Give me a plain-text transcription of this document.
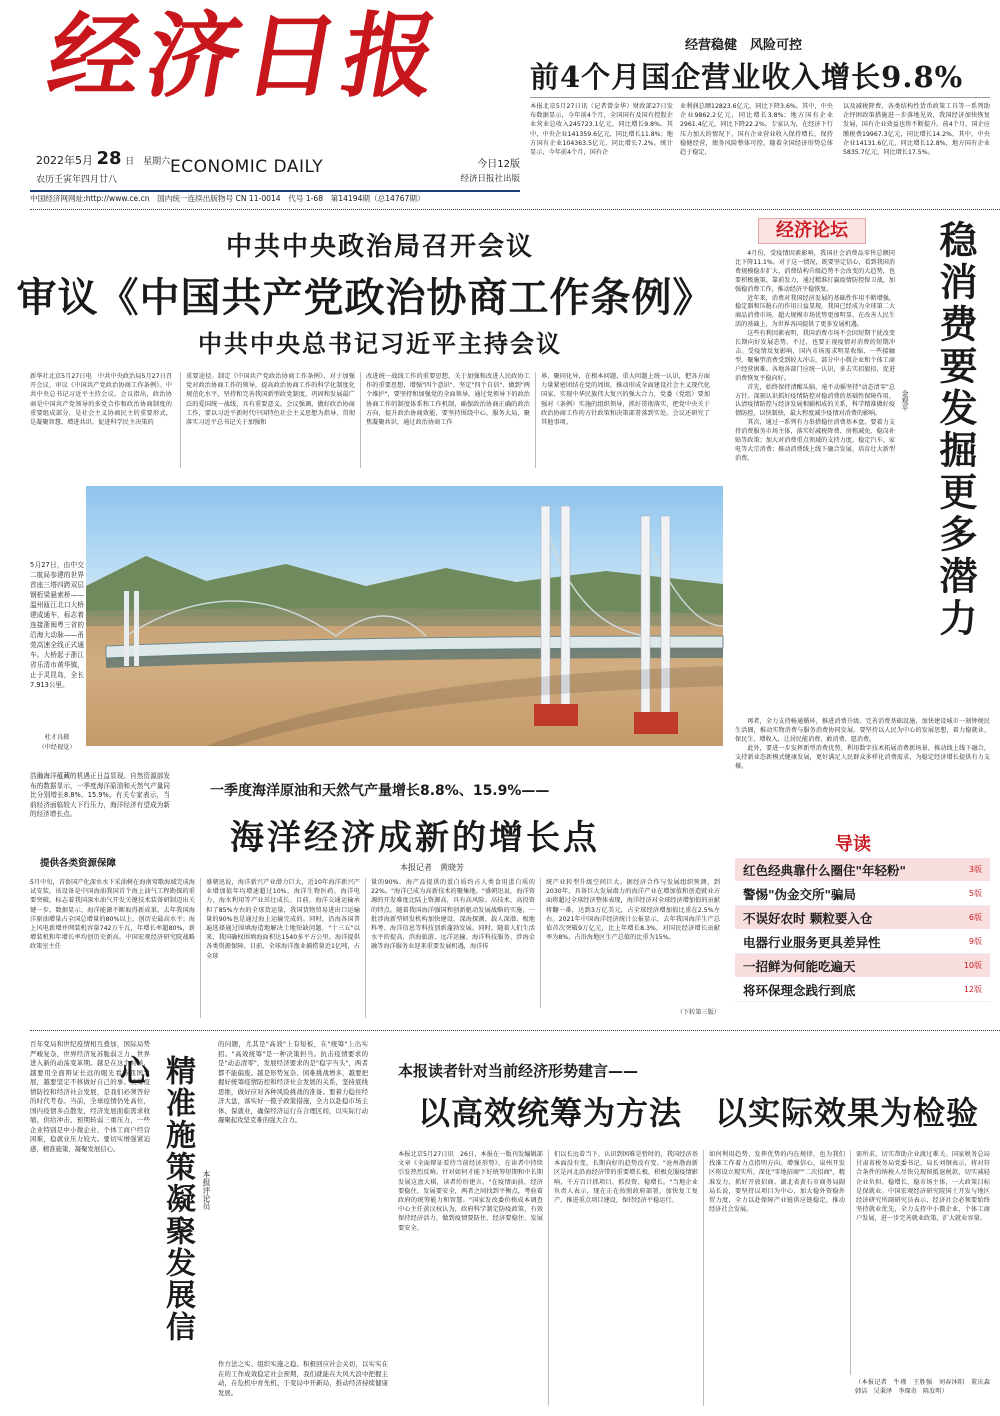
经济日报
2022年5月 28 日　星期六
农历壬寅年四月廿八
ECONOMIC DAILY	今日12版
经济日报社出版
中国经济网网址:http://www.ce.cn　国内统一连续出版物号 CN 11-0014　代号 1-68　第14194期（总14767期）
经营稳健　风险可控
前4个月国企营业收入增长9.8%
本报北京5月27日讯（记者曾金华）财政部27日发布数据显示，今年前4个月，全国国有及国有控股企业营业总收入245723.1亿元，同比增长9.8%。其中，中央企业141359.6亿元，同比增长11.8%；地方国有企业104363.5亿元，同比增长7.2%。统计显示，今年前4个月，国有企
业利润总额12823.6亿元，同比下降3.6%。其中，中央企业9862.2亿元，同比增长3.8%；地方国有企业2961.4亿元，同比下降22.2%。专家认为，在经济下行压力加大的情况下，国有企业营业收入保持增长，保持稳健经营，债务风险整体可控。随着全国经济形势总体趋于稳定，
以及减税降费、各类结构性货币政策工具等一系列助企纾困政策措施进一步落地见效，我国经济加快恢复发展，国有企业效益也将不断提升。前4个月，国企应缴税费19967.3亿元，同比增长14.2%，其中，中央企业14131.6亿元，同比增长12.8%，地方国有企业5835.7亿元，同比增长17.5%。
中共中央政治局召开会议
审议《中国共产党政治协商工作条例》
中共中央总书记习近平主持会议
新华社北京5月27日电　中共中央政治局5月27日召开会议，审议《中国共产党政治协商工作条例》。中共中央总书记习近平主持会议。会议指出，政治协商是中国共产党领导的多党合作和政治协商制度的重要组成部分，是社会主义协商民主的重要形式，是凝聚智慧、增进共识、促进科学民主决策的
重要途径。制定《中国共产党政治协商工作条例》，对于加强党对政治协商工作的领导，提高政治协商工作的科学化制度化规范化水平，坚持和完善我国新型政党制度，巩固和发展最广泛的爱国统一战线，具有重要意义。会议强调，做好政治协商工作，要以习近平新时代中国特色社会主义思想为指导，贯彻落实习近平总书记关于加强和
改进统一战线工作的重要思想，关于加强和改进人民政协工作的重要思想，增强"四个意识"、坚定"四个自信"、做到"两个维护"，要坚持和加强党的全面领导，通过党领导下的政治协商工作的制度体系和工作机制，确保政治协商正确的政治方向，提升政治协商效能，要坚持围绕中心、服务大局，聚焦凝聚共识，通过政治协商工作
界、聚同化异，在根本问题、重大问题上统一认识，把各方面力量紧密团结在党的周围，推动形成全面建设社会主义现代化国家、实现中华民族伟大复兴的强大合力，党委（党组）要加强对（条例）实施的组织领导，抓好贯彻落实，把党中央关于政治协商工作的方针政策和决策部署落到实处。会议还研究了其他事项。
5月27日，由中交二航局参建的世界首座三塔四跨双层钢桁梁悬索桥——温州瓯江北口大桥建成通车，标志着连接浙闽粤三省的沿海大动脉——甬莞高速全线正式通车。大桥起于浙江省乐清市黄华镇，止于灵昆岛，全长7.913公里。
杜才良摄
（中经视觉）
经济论坛	稳消费要发掘更多潜力
金观平

4月份，受疫情因素影响，我国社会消费品零售总额同比下降11.1%。对于这一情况，既要坚定信心，看到我国消费规模稳步扩大、消费结构升级趋势不会改变的大趋势，也要积极施策、靠前发力，通过精准打赢疫情防控保卫战，加强稳消费工作，推动经济平稳恢复。

近年来，消费对我国经济发展的基础性作用不断增强，稳定器和压舱石的作用日益显现。我国已经成为全球第二大商品消费市场，超大规模市场优势更加明显。在改善人民生活的基础上，为世界各国提供了更多发展机遇。

这些有利因素表明，我国消费市场不会因短期干扰改变长期向好发展态势。不过，也要正视疫情对消费的短期冲击。受疫情反复影响，国内市场需求明显收缩，一些接触型、聚集型消费受到较大冲击，部分中小微企业和个体工商户经营困难。各地各部门应统一认识，多去实招狠招，促进消费恢复平稳向好。

首先，始终保持清醒头脑，毫不动摇坚持"动态清零"总方针。深刻认识抓好疫情防控对稳消费的基础性保障作用，认清疫情防控与经济发展相辅相成的关系，科学精准做好疫情防控，以快制快，最大程度减少疫情对消费的影响。

其次，通过一系列有力举措稳住消费基本盘。要着力支持消费服务市场主体，落实好减税降费、房租减免、稳岗补贴等政策；加大对消费重点领域的支持力度，稳定汽车、家电等大宗消费；推动消费线上线下融合发展，培育壮大新型消费。

再者，全力支持畅通循环，推进消费升级。完善消费基础设施，加快建设城市一刻钟便民生活圈，推动实物消费与服务消费协同发展。要坚持以人民为中心的发展思想，着力稳就业、保民生、增收入，让居民能消费、敢消费、愿消费。

此外，要进一步发挥新型消费优势，利用数字技术拓展消费新场景，推动线上线下融合，支持新业态新模式健康发展，更好满足人民群众多样化消费需求，为稳定经济增长提供有力支撑。

导读
红色经典靠什么圈住"年轻粉"	3版
警惕"伪金交所"骗局	5版
不误好农时 颗粒要入仓	6版
电器行业服务更具差异性	9版
一招鲜为何能吃遍天	10版
将环保理念践行到底	12版
浩瀚海洋蕴藏的机遇正日益显现。自然资源部发布的数据显示，一季度海洋原油和天然气产量同比分别增长8.8%、15.9%。有关专家表示，当前经济面临较大下行压力，海洋经济有望成为新的经济增长点。
一季度海洋原油和天然气产量增长8.8%、15.9%——
海洋经济成新的增长点
本报记者　黄晓芳
提供各类资源保障
5月中旬，首套国产化深水水下采油树在海南莺歌海域完成海试安装，该设备是中国海油我国首个海上油气工程勘探的重要突破，标志着我国深水油气开发关键技术装备研制迈出关键一步。数据显示，海洋能源不断取得新成果。去年我国海洋原油增量占全国总增量的80%以上，创历史最高水平；海上风电新增并网装机容量742万千瓦，年增长率超80%，新增装机和年增长率均创历史新高。中国宏观经济研究院战略政策室主任
盛朝迅说，海洋新兴产业潜力巨大，近10年海洋新兴产业增加值年均增速超过10%，海洋生物医药、海洋电力、海水利用等产业茁壮成长。目前，海洋交通运输承担了85%左右的全球货运量，我国货物贸易进出口运输量的90%也是通过海上运输完成的。同时，沿海各国普遍选择通过围填海造地解决土地短缺问题，"十三五"以来，我国确权围填海面积达1540多平方公里。海洋提供各类资源保障。目前，全球海洋渔业捕捞量近1亿吨，占全球
量的90%，海产品提供的蛋白质约占人类食用蛋白质的22%。"海洋已成为高新技术的聚集地。"盛朝迅说，海洋资源的开发难度比陆上资源高，具有高风险、高技术、高投资的特点。随着我国海洋强国和创新驱动发展战略的实施，一批涉海新型研发机构加快建设，深海探测、载人深潜、极地科考、海洋信息等科技创新蓬勃发展。同时，随着人们生活水平的提高，滨海旅游、远洋运输、海洋科技服务、涉海金融等海洋服务业迎来重要发展机遇，海洋传
统产业转型升级空间巨大。据经济合作与发展组织预测，到2030年，具备巨大发展潜力的海洋产业在增加值和创造就业方面将超过全球经济整体表现，海洋经济对全球经济增加值的贡献将翻一番，达到3万亿美元，占全球经济增加值比重在2.5%左右。2021年中国海洋经济统计公报显示，去年我国海洋生产总值首次突破9万亿元，比上年增长8.3%，对国民经济增长贡献率为8%，占沿海地区生产总值的比重为15%。
（下转第三版）
百年变局和世纪疫情相互叠加，国际局势严峻复杂，世界经济复苏脆弱乏力，世界进入新的动荡变革期。越是在这个时候，越要用全面辩证长远的眼光看待我国发展，越要坚定不移做好自己的事。统筹疫情防控和经济社会发展，是我们必须答好的时代考卷。当前，全球疫情仍处高位，国内疫情多点散发，经济发展面临需求收缩、供给冲击、预期转弱三重压力，一些企业特别是中小微企业、个体工商户经营困难，稳就业压力较大。要切实增强紧迫感，精准施策，凝聚发展信心。	精准施策凝聚发展信心
本报评论员
的问题，尤其是"高效"上有短板，在"统筹"上出实招。"高效统筹"是一种决策担当。抗击疫情要求的是"动态清零"，发展经济要求的是"稳字当头"，两者都不能偏废。越是形势复杂、困难挑战增多，越要把握好统筹疫情防控和经济社会发展的关系，坚持底线思维，做好应对各种风险挑战的准备。要着力稳住经济大盘，落实好一揽子政策措施，全力以赴稳市场主体、保就业，确保经济运行在合理区间，以实际行动凝聚起攻坚克难的强大合力。
作方法之实、组织实施之稳。积极回应社会关切，以实实在在的工作成效稳定社会预期，我们就能在大风大浪中把握主动，在危机中育先机、于变局中开新局，推动经济持续健康发展。
本报读者针对当前经济形势建言——
以高效统筹为方法　以实际效果为检验
本报北京5月27日讯　26日，本报在一版刊发编辑部文章《全面辩证看待当前经济形势》，在读者中持续引发热烈反响。针对如何才能下好统筹短期和中长期发展这盘大棋，读者纷纷建言。"在疫情面前，经济要稳住，发展要安全，两者之间找到平衡点，考验着政府的统筹能力和智慧。"国家发改委价格成本调查中心主任黄汉权认为，政府科学制定防疫政策，有效保持经济活力，做到疫情要防住、经济要稳住、发展要安全。
们以长远看当下，认识到困难是暂时的，我国经济基本面没有变，长期向好的趋势没有变。"沧州渤海新区是河北沿海经济带的重要增长极，积极克服疫情影响，千方百计抓项目、抓投资、稳增长。"当地企业负责人表示，现在正在按照政府部署，加快复工复产，推进重点项目建设，保持经济平稳运行。
如何利用趋势、发挥优势的内在规律，也为我们找准工作着力点指明方向。增强信心，泉州开发区将设立现实所、深化"零地招商""二次招商"，精准发力，抓好开放招商。湖北省黄石市商务局副局长说，要坚持以项目为中心，加大稳外资稳外贸力度，全力以赴保障产业链供应链稳定，推动经济社会发展。
需所求，切实帮助企业渡过难关。国家税务总局甘肃省税务局党委书记、局长刘钢表示，将对符合条件的纳税人尽快兑现留抵退税款，切实减轻企业负担。稳增长、稳市场主体，一大政策目标是保就业。中国宏观经济研究院国土开发与地区经济研究所副研究员表示，经济社会必须要始终坚持就业优先，全力支持中小微企业、个体工商户发展，进一步完善就业政策，扩大就业容量。
（本报记者　牛瑾　王胜强　刘春沐阳　董庆森　韩洁　吴秉泽　李琛奇　陈发明）
